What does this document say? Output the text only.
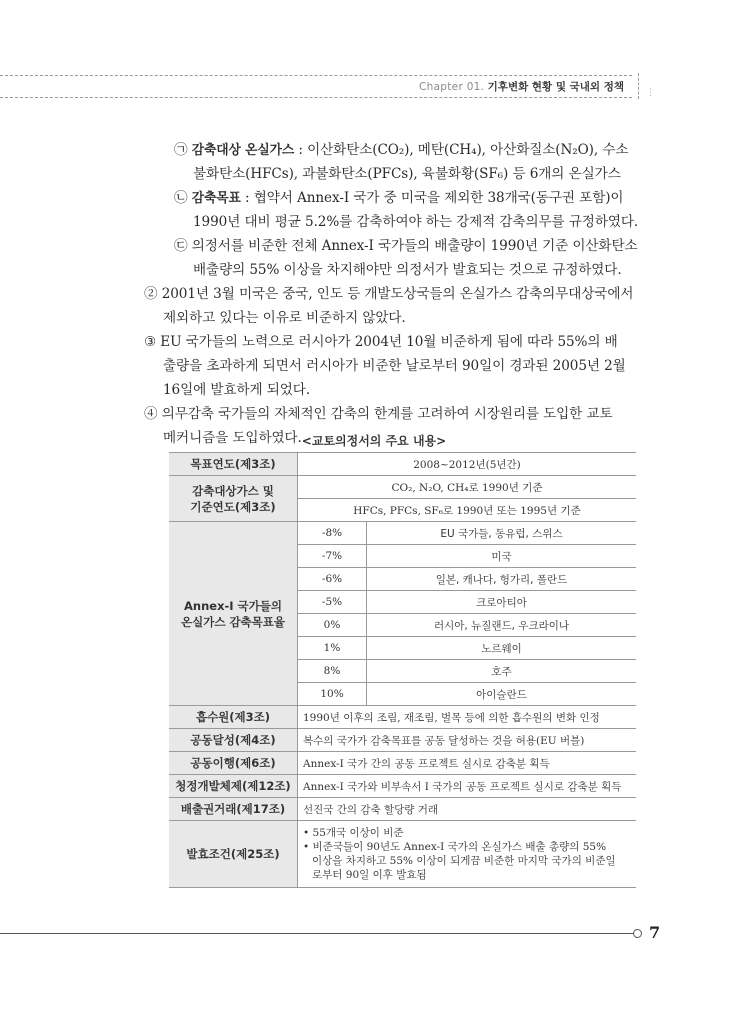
⋮
Chapter 01. 기후변화 현황 및 국내외 정책
㉠ 감축대상 온실가스 : 이산화탄소(CO₂), 메탄(CH₄), 아산화질소(N₂O), 수소
불화탄소(HFCs), 과불화탄소(PFCs), 육불화황(SF₆) 등 6개의 온실가스
㉡ 감축목표 : 협약서 Annex-I 국가 중 미국을 제외한 38개국(동구권 포함)이
1990년 대비 평균 5.2%를 감축하여야 하는 강제적 감축의무를 규정하였다.
㉢ 의정서를 비준한 전체 Annex-I 국가들의 배출량이 1990년 기준 이산화탄소
배출량의 55% 이상을 차지해야만 의정서가 발효되는 것으로 규정하였다.
② 2001년 3월 미국은 중국, 인도 등 개발도상국들의 온실가스 감축의무대상국에서
제외하고 있다는 이유로 비준하지 않았다.
③ EU 국가들의 노력으로 러시아가 2004년 10월 비준하게 됨에 따라 55%의 배
출량을 초과하게 되면서 러시아가 비준한 날로부터 90일이 경과된 2005년 2월
16일에 발효하게 되었다.
④ 의무감축 국가들의 자체적인 감축의 한계를 고려하여 시장원리를 도입한 교토
메커니즘을 도입하였다. <교토의정서의 주요 내용>
목표연도(제3조)	2008~2012년(5년간)	

감축대상가스 및
기준연도(제3조)	CO₂, N₂O, CH₄로 1990년 기준	
	HFCs, PFCs, SF₆로 1990년 또는 1995년 기준	

Annex-I 국가들의
온실가스 감축목표율	-8%	EU 국가들, 동유럽, 스위스
	-7%	미국
	-6%	일본, 캐나다, 헝가리, 폴란드
	-5%	크로아티아
	0%	러시아, 뉴질랜드, 우크라이나
	1%	노르웨이
	8%	호주
	10%	아이슬란드
흡수원(제3조)	1990년 이후의 조림, 재조림, 벌목 등에 의한 흡수원의 변화 인정	
공동달성(제4조)	복수의 국가가 감축목표를 공동 달성하는 것을 허용(EU 버블)	
공동이행(제6조)	Annex-I 국가 간의 공동 프로젝트 실시로 감축분 획득	
청정개발체제(제12조)	Annex-I 국가와 비부속서 I 국가의 공동 프로젝트 실시로 감축분 획득	
배출권거래(제17조)	선진국 간의 감축 할당량 거래	
발효조건(제25조)	• 55개국 이상이 비준
• 비준국들이 90년도 Annex-I 국가의 온실가스 배출 총량의 55%
이상을 차지하고 55% 이상이 되게끔 비준한 마지막 국가의 비준일
로부터 90일 이후 발효됨	
7
